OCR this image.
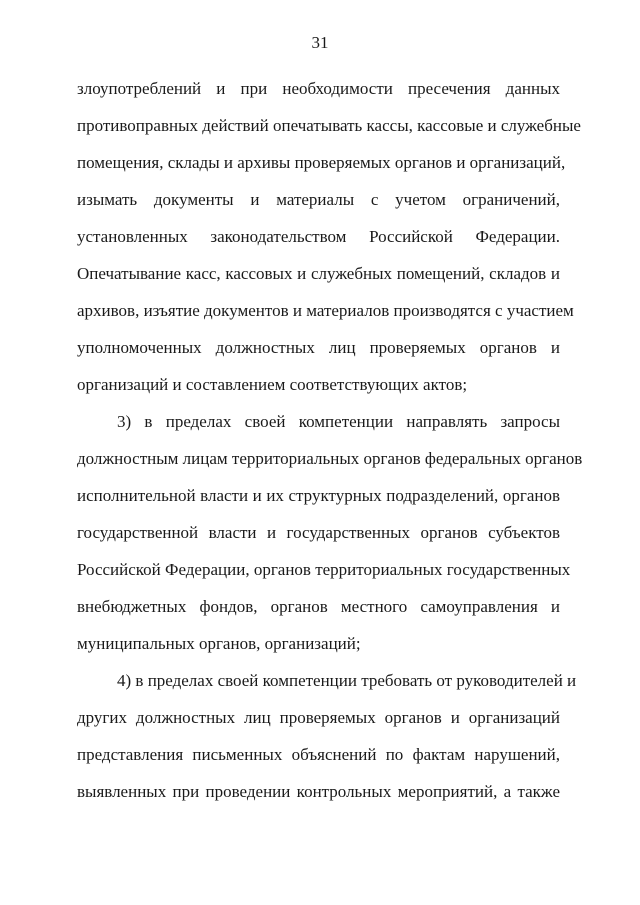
31
злоупотреблений и при необходимости пресечения данных
противоправных действий опечатывать кассы, кассовые и служебные
помещения, склады и архивы проверяемых органов и организаций,
изымать документы и материалы с учетом ограничений,
установленных законодательством Российской Федерации.
Опечатывание касс, кассовых и служебных помещений, складов и
архивов, изъятие документов и материалов производятся с участием
уполномоченных должностных лиц проверяемых органов и
организаций и составлением соответствующих актов;
3) в пределах своей компетенции направлять запросы
должностным лицам территориальных органов федеральных органов
исполнительной власти и их структурных подразделений, органов
государственной власти и государственных органов субъектов
Российской Федерации, органов территориальных государственных
внебюджетных фондов, органов местного самоуправления и
муниципальных органов, организаций;
4) в пределах своей компетенции требовать от руководителей и
других должностных лиц проверяемых органов и организаций
представления письменных объяснений по фактам нарушений,
выявленных при проведении контрольных мероприятий, а также
